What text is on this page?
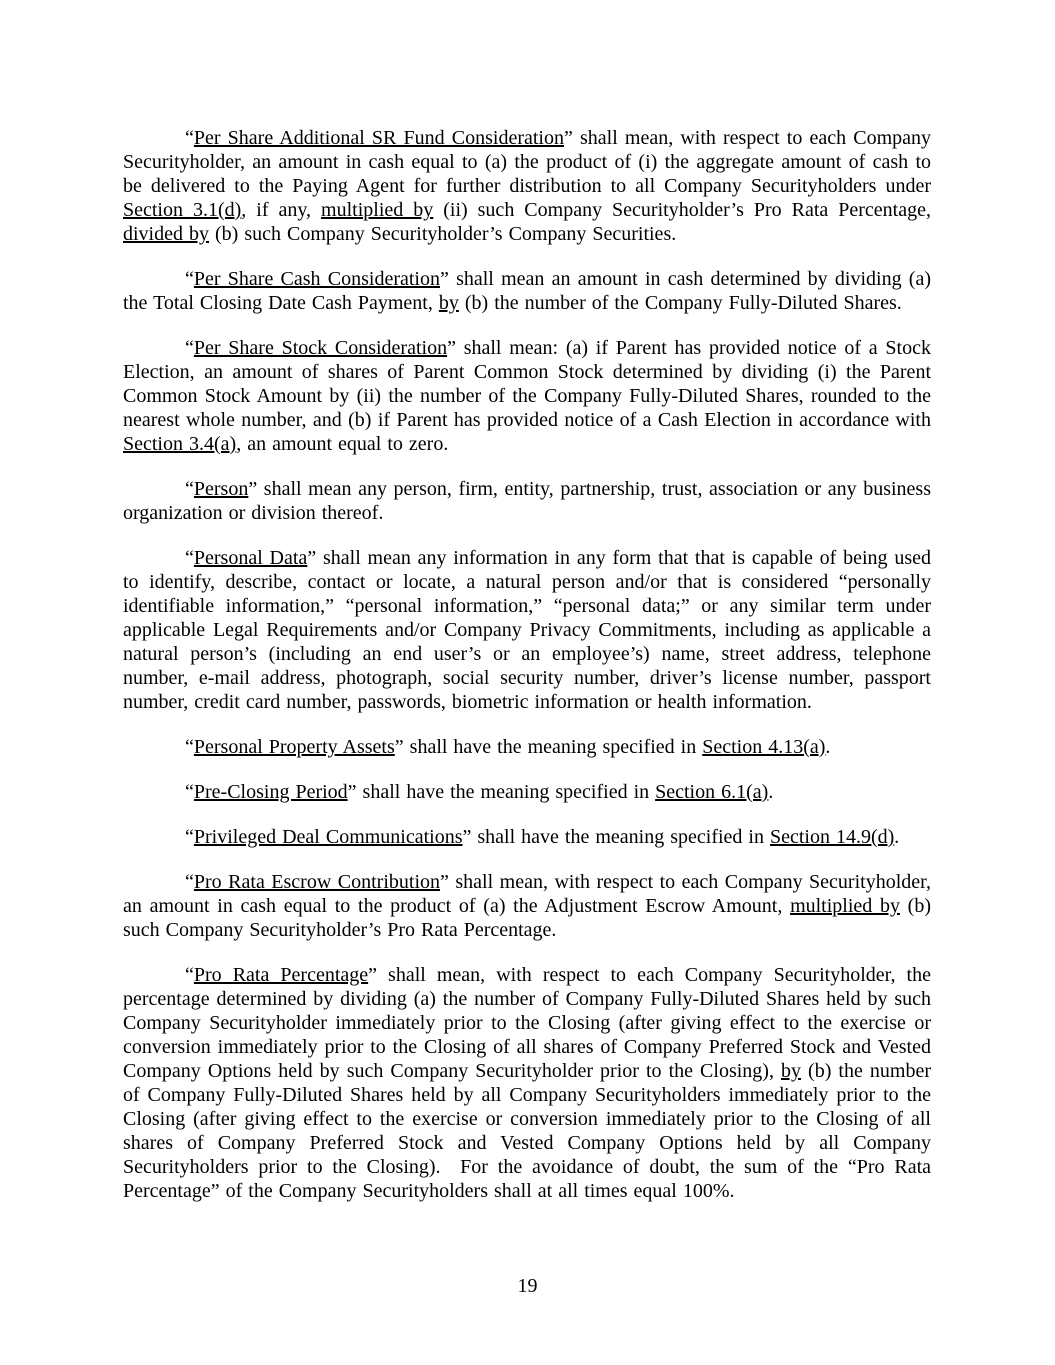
“Per Share Additional SR Fund Consideration” shall mean, with respect to each Company Securityholder, an amount in cash equal to (a) the product of (i) the aggregate amount of cash to be delivered to the Paying Agent for further distribution to all Company Securityholders under Section 3.1(d), if any, multiplied by (ii) such Company Securityholder’s Pro Rata Percentage, divided by (b) such Company Securityholder’s Company Securities.

“Per Share Cash Consideration” shall mean an amount in cash determined by dividing (a) the Total Closing Date Cash Payment, by (b) the number of the Company Fully-Diluted Shares.

“Per Share Stock Consideration” shall mean: (a) if Parent has provided notice of a Stock Election, an amount of shares of Parent Common Stock determined by dividing (i) the Parent Common Stock Amount by (ii) the number of the Company Fully-Diluted Shares, rounded to the nearest whole number, and (b) if Parent has provided notice of a Cash Election in accordance with Section 3.4(a), an amount equal to zero.

“Person” shall mean any person, firm, entity, partnership, trust, association or any business organization or division thereof.

“Personal Data” shall mean any information in any form that that is capable of being used to identify, describe, contact or locate, a natural person and/or that is considered “personally identifiable information,” “personal information,” “personal data;” or any similar term under applicable Legal Requirements and/or Company Privacy Commitments, including as applicable a natural person’s (including an end user’s or an employee’s) name, street address, telephone number, e-mail address, photograph, social security number, driver’s license number, passport number, credit card number, passwords, biometric information or health information.

“Personal Property Assets” shall have the meaning specified in Section 4.13(a).

“Pre-Closing Period” shall have the meaning specified in Section 6.1(a).

“Privileged Deal Communications” shall have the meaning specified in Section 14.9(d).

“Pro Rata Escrow Contribution” shall mean, with respect to each Company Securityholder, an amount in cash equal to the product of (a) the Adjustment Escrow Amount, multiplied by (b) such Company Securityholder’s Pro Rata Percentage.

“Pro Rata Percentage” shall mean, with respect to each Company Securityholder, the percentage determined by dividing (a) the number of Company Fully-Diluted Shares held by such Company Securityholder immediately prior to the Closing (after giving effect to the exercise or conversion immediately prior to the Closing of all shares of Company Preferred Stock and Vested Company Options held by such Company Securityholder prior to the Closing), by (b) the number of Company Fully-Diluted Shares held by all Company Securityholders immediately prior to the Closing (after giving effect to the exercise or conversion immediately prior to the Closing of all shares of Company Preferred Stock and Vested Company Options held by all Company Securityholders prior to the Closing).  For the avoidance of doubt, the sum of the “Pro Rata Percentage” of the Company Securityholders shall at all times equal 100%.

19
